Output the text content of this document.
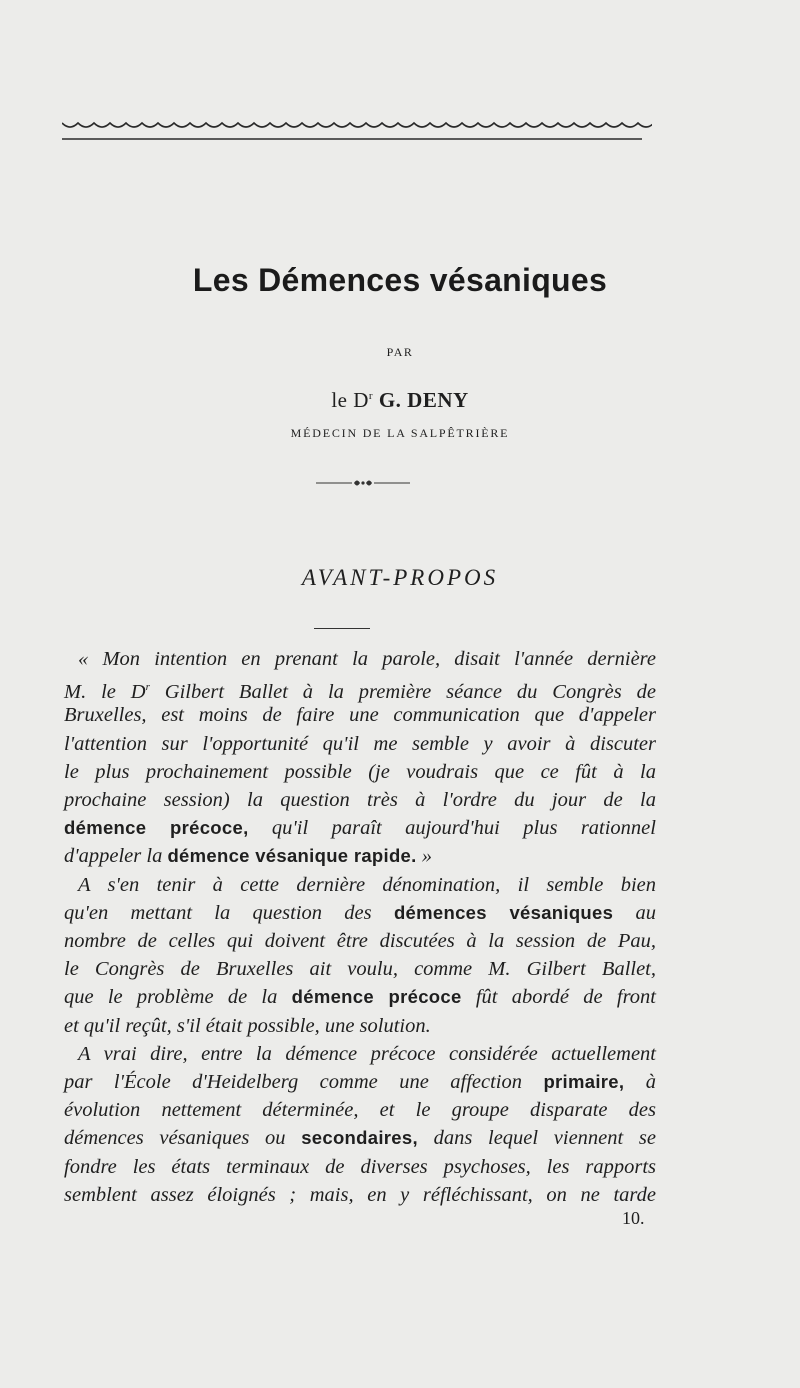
Les Démences vésaniques
PAR
le $D^r$ G. DENY
MÉDECIN DE LA SALPÊTRIÈRE
AVANT-PROPOS
« Mon intention en prenant la parole, disait l'année dernière
M. le $D^r$ Gilbert Ballet à la première séance du Congrès de
Bruxelles, est moins de faire une communication que d'appeler
l'attention sur l'opportunité qu'il me semble y avoir à discuter
le plus prochainement possible (je voudrais que ce fût à la
prochaine session) la question très à l'ordre du jour de la
démence précoce, qu'il paraît aujourd'hui plus rationnel
d'appeler la démence vésanique rapide. »
A s'en tenir à cette dernière dénomination, il semble bien
qu'en mettant la question des démences vésaniques au
nombre de celles qui doivent être discutées à la session de Pau,
le Congrès de Bruxelles ait voulu, comme M. Gilbert Ballet,
que le problème de la démence précoce fût abordé de front
et qu'il reçût, s'il était possible, une solution.
A vrai dire, entre la démence précoce considérée actuellement
par l'École d'Heidelberg comme une affection primaire, à
évolution nettement déterminée, et le groupe disparate des
démences vésaniques ou secondaires, dans lequel viennent se
fondre les états terminaux de diverses psychoses, les rapports
semblent assez éloignés ; mais, en y réfléchissant, on ne tarde
10.
